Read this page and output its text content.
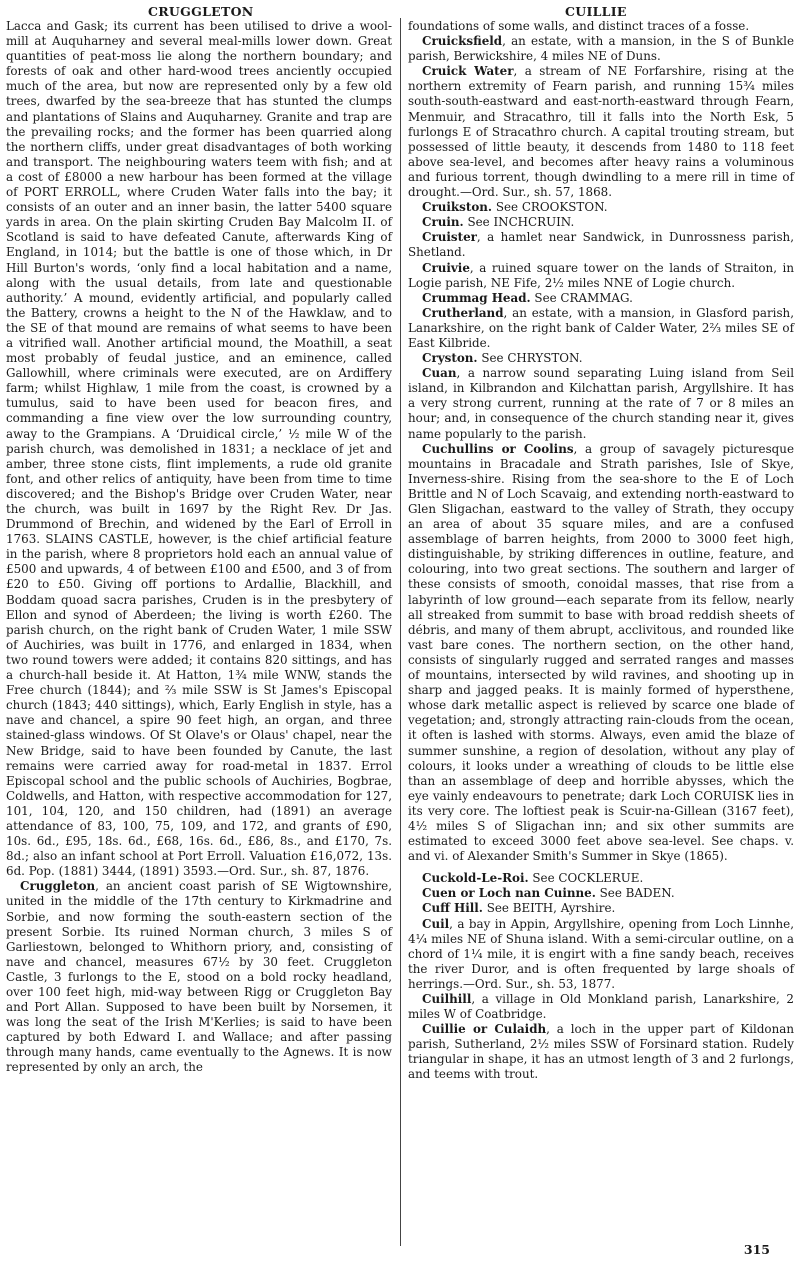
CRUGGLETON	CUILLIE

Lacca and Gask; its current has been utilised to drive a wool-mill at Auquharney and several meal-mills lower down. Great quantities of peat-moss lie along the northern boundary; and forests of oak and other hard-wood trees anciently occupied much of the area, but now are represented only by a few old trees, dwarfed by the sea-breeze that has stunted the clumps and plantations of Slains and Auquharney. Granite and trap are the prevailing rocks; and the former has been quarried along the northern cliffs, under great disadvantages of both working and transport. The neighbouring waters teem with fish; and at a cost of £8000 a new harbour has been formed at the village of PORT ERROLL, where Cruden Water falls into the bay; it consists of an outer and an inner basin, the latter 5400 square yards in area. On the plain skirting Cruden Bay Malcolm II. of Scotland is said to have defeated Canute, afterwards King of England, in 1014; but the battle is one of those which, in Dr Hill Burton's words, ‘only find a local habitation and a name, along with the usual details, from late and questionable authority.’ A mound, evidently artificial, and popularly called the Battery, crowns a height to the N of the Hawklaw, and to the SE of that mound are remains of what seems to have been a vitrified wall. Another artificial mound, the Moathill, a seat most probably of feudal justice, and an eminence, called Gallowhill, where criminals were executed, are on Ardiffery farm; whilst Highlaw, 1 mile from the coast, is crowned by a tumulus, said to have been used for beacon fires, and commanding a fine view over the low surrounding country, away to the Grampians. A ‘Druidical circle,’ ½ mile W of the parish church, was demolished in 1831; a necklace of jet and amber, three stone cists, flint implements, a rude old granite font, and other relics of antiquity, have been from time to time discovered; and the Bishop's Bridge over Cruden Water, near the church, was built in 1697 by the Right Rev. Dr Jas. Drummond of Brechin, and widened by the Earl of Erroll in 1763. SLAINS CASTLE, however, is the chief artificial feature in the parish, where 8 proprietors hold each an annual value of £500 and upwards, 4 of between £100 and £500, and 3 of from £20 to £50. Giving off portions to Ardallie, Blackhill, and Boddam quoad sacra parishes, Cruden is in the presbytery of Ellon and synod of Aberdeen; the living is worth £260. The parish church, on the right bank of Cruden Water, 1 mile SSW of Auchiries, was built in 1776, and enlarged in 1834, when two round towers were added; it contains 820 sittings, and has a church-hall beside it. At Hatton, 1¾ mile WNW, stands the Free church (1844); and ⅔ mile SSW is St James's Episcopal church (1843; 440 sittings), which, Early English in style, has a nave and chancel, a spire 90 feet high, an organ, and three stained-glass windows. Of St Olave's or Olaus' chapel, near the New Bridge, said to have been founded by Canute, the last remains were carried away for road-metal in 1837. Errol Episcopal school and the public schools of Auchiries, Bogbrae, Coldwells, and Hatton, with respective accommodation for 127, 101, 104, 120, and 150 children, had (1891) an average attendance of 83, 100, 75, 109, and 172, and grants of £90, 10s. 6d., £95, 18s. 6d., £68, 16s. 6d., £86, 8s., and £170, 7s. 8d.; also an infant school at Port Erroll. Valuation £16,072, 13s. 6d. Pop. (1881) 3444, (1891) 3593.—Ord. Sur., sh. 87, 1876.

Cruggleton, an ancient coast parish of SE Wigtownshire, united in the middle of the 17th century to Kirkmadrine and Sorbie, and now forming the south-eastern section of the present Sorbie. Its ruined Norman church, 3 miles S of Garliestown, belonged to Whithorn priory, and, consisting of nave and chancel, measures 67½ by 30 feet. Cruggleton Castle, 3 furlongs to the E, stood on a bold rocky headland, over 100 feet high, mid-way between Rigg or Cruggleton Bay and Port Allan. Supposed to have been built by Norsemen, it was long the seat of the Irish M'Kerlies; is said to have been captured by both Edward I. and Wallace; and after passing through many hands, came eventually to the Agnews. It is now represented by only an arch, the

foundations of some walls, and distinct traces of a fosse.

Cruicksfield, an estate, with a mansion, in the S of Bunkle parish, Berwickshire, 4 miles NE of Duns.

Cruick Water, a stream of NE Forfarshire, rising at the northern extremity of Fearn parish, and running 15¾ miles south-south-eastward and east-north-eastward through Fearn, Menmuir, and Stracathro, till it falls into the North Esk, 5 furlongs E of Stracathro church. A capital trouting stream, but possessed of little beauty, it descends from 1480 to 118 feet above sea-level, and becomes after heavy rains a voluminous and furious torrent, though dwindling to a mere rill in time of drought.—Ord. Sur., sh. 57, 1868.

Cruikston. See CROOKSTON.

Cruin. See INCHCRUIN.

Cruister, a hamlet near Sandwick, in Dunrossness parish, Shetland.

Cruivie, a ruined square tower on the lands of Straiton, in Logie parish, NE Fife, 2½ miles NNE of Logie church.

Crummag Head. See CRAMMAG.

Crutherland, an estate, with a mansion, in Glasford parish, Lanarkshire, on the right bank of Calder Water, 2⅔ miles SE of East Kilbride.

Cryston. See CHRYSTON.

Cuan, a narrow sound separating Luing island from Seil island, in Kilbrandon and Kilchattan parish, Argyllshire. It has a very strong current, running at the rate of 7 or 8 miles an hour; and, in consequence of the church standing near it, gives name popularly to the parish.

Cuchullins or Coolins, a group of savagely picturesque mountains in Bracadale and Strath parishes, Isle of Skye, Inverness-shire. Rising from the sea-shore to the E of Loch Brittle and N of Loch Scavaig, and extending north-eastward to Glen Sligachan, eastward to the valley of Strath, they occupy an area of about 35 square miles, and are a confused assemblage of barren heights, from 2000 to 3000 feet high, distinguishable, by striking differences in outline, feature, and colouring, into two great sections. The southern and larger of these consists of smooth, conoidal masses, that rise from a labyrinth of low ground—each separate from its fellow, nearly all streaked from summit to base with broad reddish sheets of débris, and many of them abrupt, acclivitous, and rounded like vast bare cones. The northern section, on the other hand, consists of singularly rugged and serrated ranges and masses of mountains, intersected by wild ravines, and shooting up in sharp and jagged peaks. It is mainly formed of hypersthene, whose dark metallic aspect is relieved by scarce one blade of vegetation; and, strongly attracting rain-clouds from the ocean, it often is lashed with storms. Always, even amid the blaze of summer sunshine, a region of desolation, without any play of colours, it looks under a wreathing of clouds to be little else than an assemblage of deep and horrible abysses, which the eye vainly endeavours to penetrate; dark Loch CORUISK lies in its very core. The loftiest peak is Scuir-na-Gillean (3167 feet), 4½ miles S of Sligachan inn; and six other summits are estimated to exceed 3000 feet above sea-level. See chaps. v. and vi. of Alexander Smith's Summer in Skye (1865).

Cuckold-Le-Roi. See COCKLERUE.

Cuen or Loch nan Cuinne. See BADEN.

Cuff Hill. See BEITH, Ayrshire.

Cuil, a bay in Appin, Argyllshire, opening from Loch Linnhe, 4¼ miles NE of Shuna island. With a semi-circular outline, on a chord of 1¼ mile, it is engirt with a fine sandy beach, receives the river Duror, and is often frequented by large shoals of herrings.—Ord. Sur., sh. 53, 1877.

Cuilhill, a village in Old Monkland parish, Lanarkshire, 2 miles W of Coatbridge.

Cuillie or Culaidh, a loch in the upper part of Kildonan parish, Sutherland, 2½ miles SSW of Forsinard station. Rudely triangular in shape, it has an utmost length of 3 and 2 furlongs, and teems with trout.

315
